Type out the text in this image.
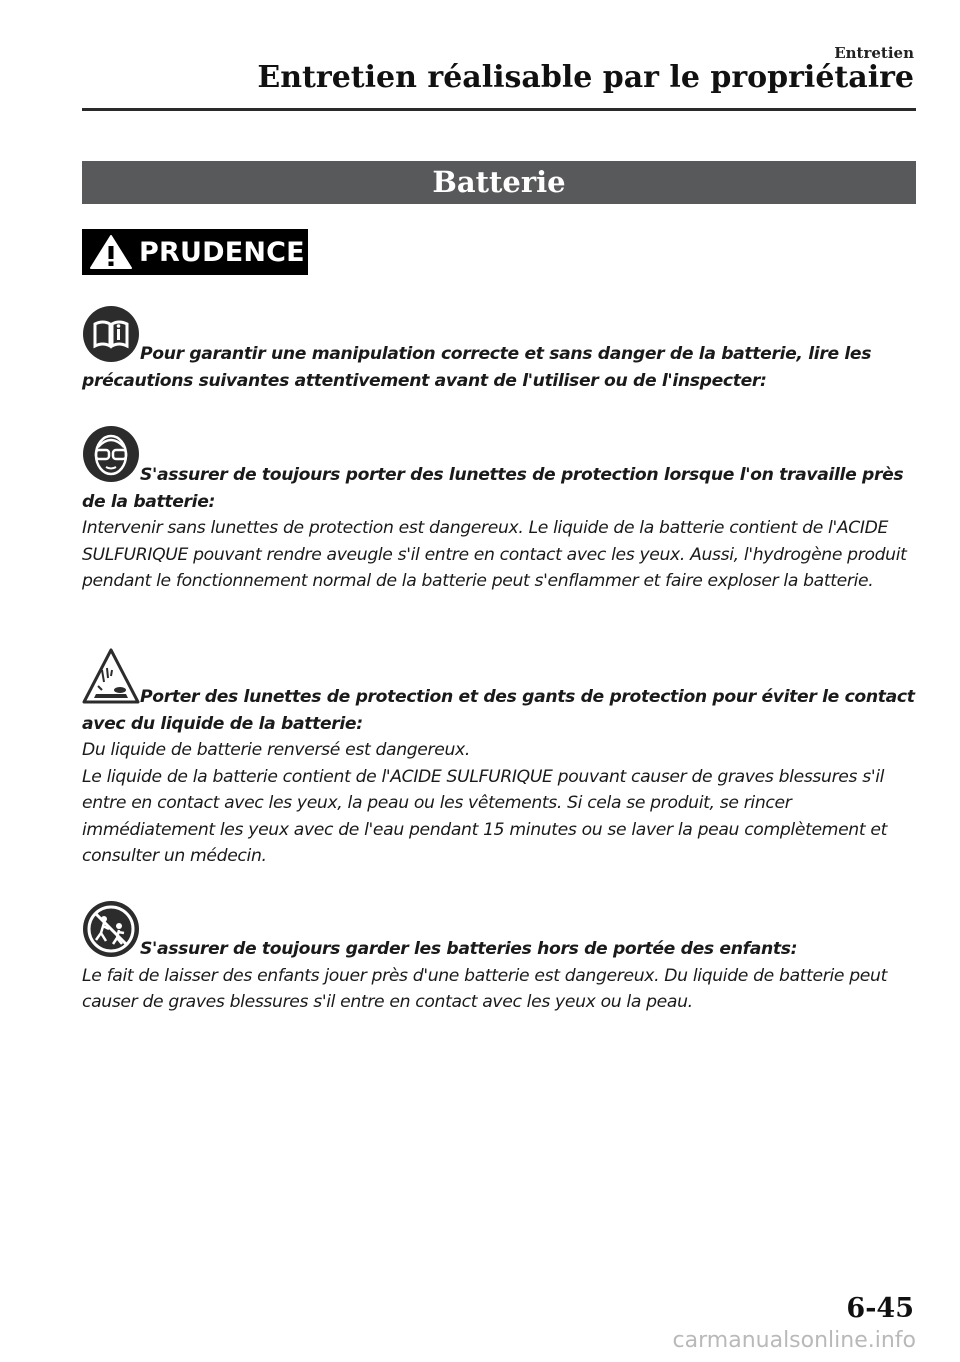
Entretien
Entretien réalisable par le propriétaire
Batterie
PRUDENCE
Pour garantir une manipulation correcte et sans danger de la batterie, lire les précautions suivantes attentivement avant de l'utiliser ou de l'inspecter:
S'assurer de toujours porter des lunettes de protection lorsque l'on travaille près de la batterie:
Intervenir sans lunettes de protection est dangereux. Le liquide de la batterie contient de l'ACIDE SULFURIQUE pouvant rendre aveugle s'il entre en contact avec les yeux. Aussi, l'hydrogène produit pendant le fonctionnement normal de la batterie peut s'enflammer et faire exploser la batterie.
Porter des lunettes de protection et des gants de protection pour éviter le contact avec du liquide de la batterie:
Du liquide de batterie renversé est dangereux.
Le liquide de la batterie contient de l'ACIDE SULFURIQUE pouvant causer de graves blessures s'il entre en contact avec les yeux, la peau ou les vêtements. Si cela se produit, se rincer immédiatement les yeux avec de l'eau pendant 15 minutes ou se laver la peau complètement et consulter un médecin.
S'assurer de toujours garder les batteries hors de portée des enfants:
Le fait de laisser des enfants jouer près d'une batterie est dangereux. Du liquide de batterie peut causer de graves blessures s'il entre en contact avec les yeux ou la peau.
6-45
carmanualsonline.info
